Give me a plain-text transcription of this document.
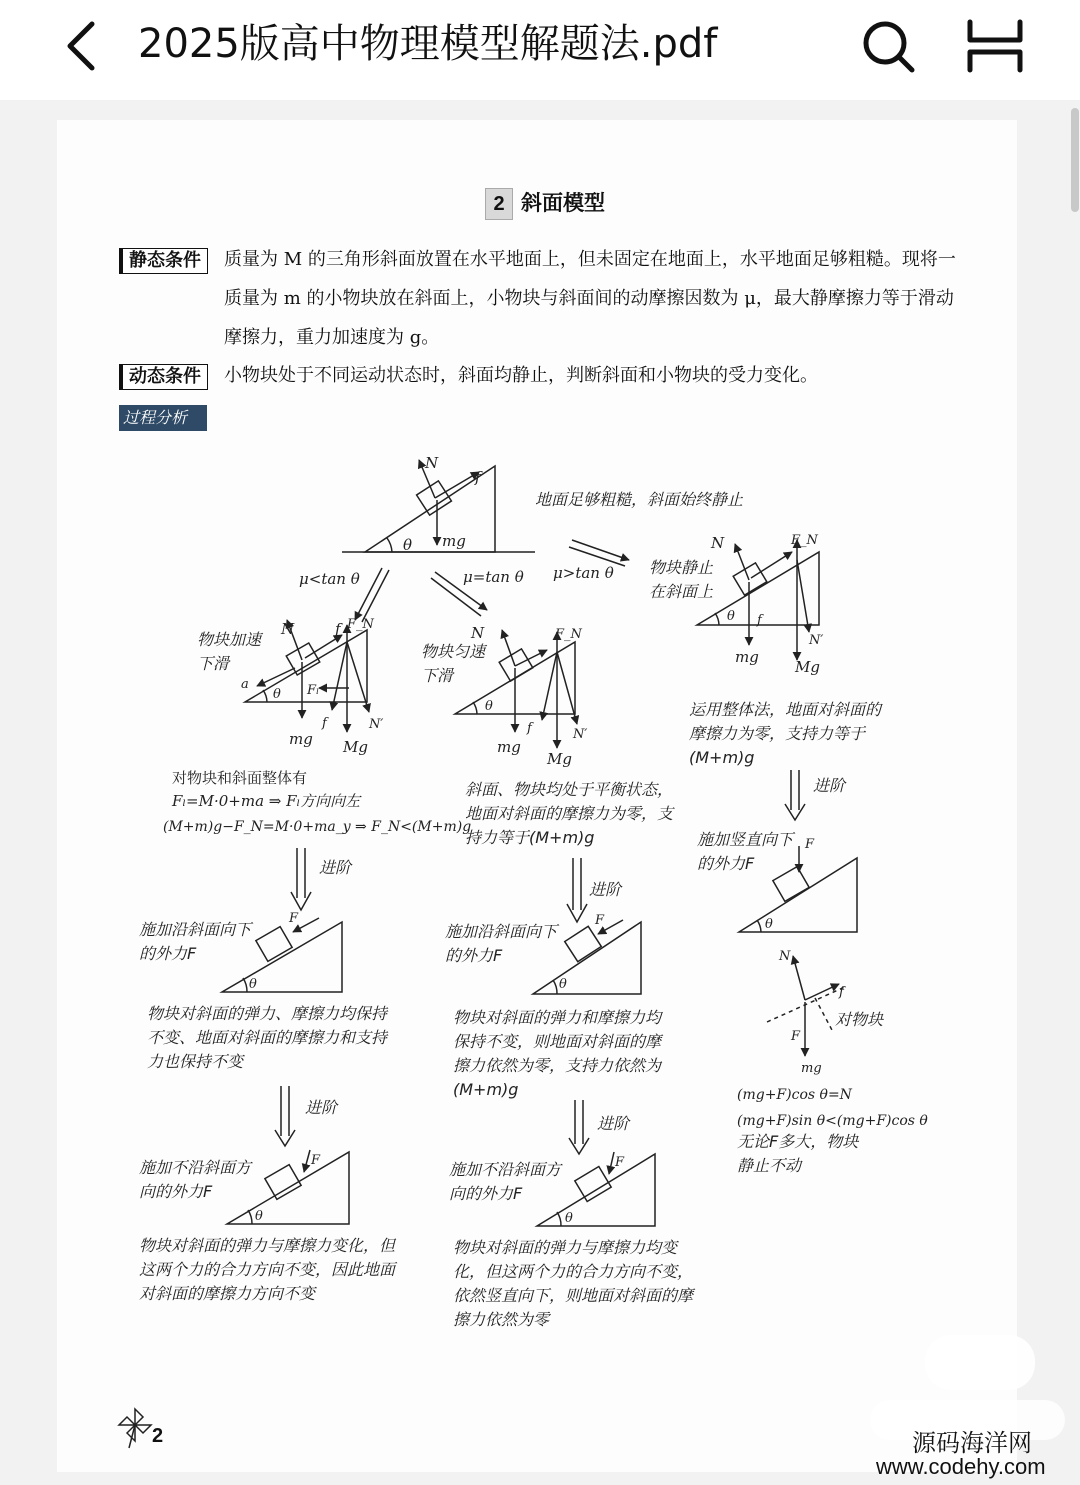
2025版高中物理模型解题法.pdf
2 斜面模型
静态条件	质量为 M 的三角形斜面放置在水平地面上，但未固定在地面上，水平地面足够粗糙。现将一质量为 m 的小物块放在斜面上，小物块与斜面间的动摩擦因数为 μ，最大静摩擦力等于滑动摩擦力，重力加速度为 g。
动态条件	小物块处于不同运动状态时，斜面均静止，判断斜面和小物块的受力变化。
过程分析
N
f
mg
θ
地面足够粗糙，斜面始终静止
μ<tan θ	μ=tan θ μ>tan θ
物块加速下滑
N	f F_N
a
θ Fₗ
mg
f
Mg
N′
对物块和斜面整体有
Fₗ=M·0+ma ⇒ Fₗ方向向左
(M+m)g−F_N=M·0+ma_y ⇒ F_N<(M+m)g
进阶
施加沿斜面向下的外力F
F
θ
物块对斜面的弹力、摩擦力均保持不变、地面对斜面的摩擦力和支持力也保持不变
进阶
施加不沿斜面方向的外力F
F
θ
物块对斜面的弹力与摩擦力变化，但这两个力的合力方向不变，因此地面对斜面的摩擦力方向不变
物块匀速下滑
N	F_N
θ
mg
f
Mg
N′
斜面、物块均处于平衡状态，地面对斜面的摩擦力为零，支持力等于(M+m)g
进阶
施加沿斜面向下的外力F
F
θ
物块对斜面的弹力和摩擦力均保持不变，则地面对斜面的摩擦力依然为零，支持力依然为(M+m)g
进阶
施加不沿斜面方向的外力F
F
θ
物块对斜面的弹力与摩擦力均变化，但这两个力的合力方向不变，依然竖直向下，则地面对斜面的摩擦力依然为零
物块静止在斜面上
N	F_N
θ f
mg
Mg
N′
运用整体法，地面对斜面的摩擦力为零，支持力等于(M+m)g
进阶
施加竖直向下的外力F
F
θ
N
f
F
mg
对物块
(mg+F)cos θ=N
(mg+F)sin θ<(mg+F)cos θ
无论F多大，物块静止不动
2	源码海洋网
www.codehy.com
